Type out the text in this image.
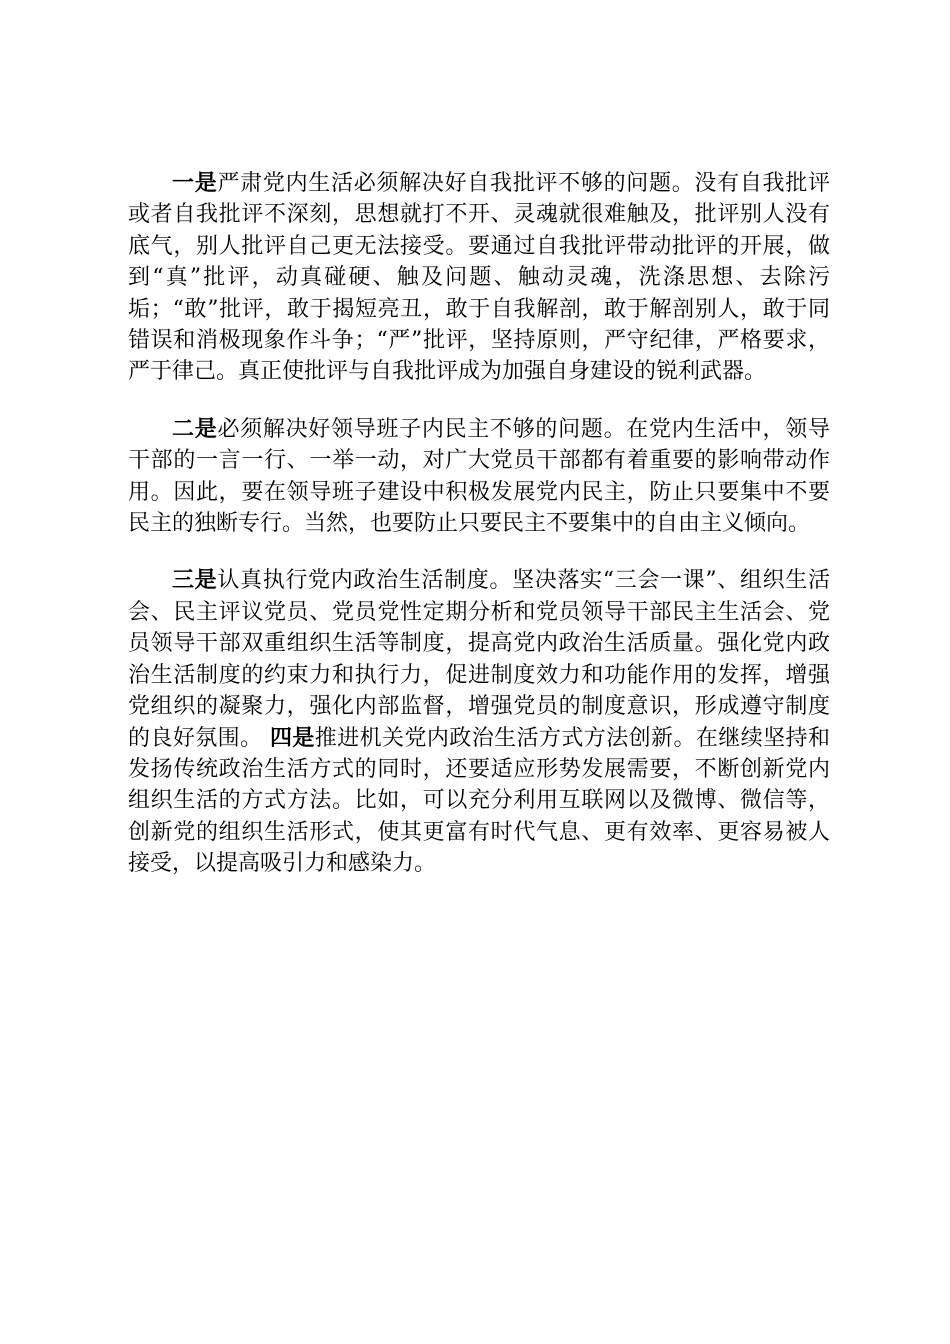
一是严肃党内生活必须解决好自我批评不够的问题。没有自我批评或者自我批评不深刻，思想就打不开、灵魂就很难触及，批评别人没有底气，别人批评自己更无法接受。要通过自我批评带动批评的开展，做到“真”批评，动真碰硬、触及问题、触动灵魂，洗涤思想、去除污垢；“敢”批评，敢于揭短亮丑，敢于自我解剖，敢于解剖别人，敢于同错误和消极现象作斗争；“严”批评，坚持原则，严守纪律，严格要求，严于律己。真正使批评与自我批评成为加强自身建设的锐利武器。

二是必须解决好领导班子内民主不够的问题。在党内生活中，领导干部的一言一行、一举一动，对广大党员干部都有着重要的影响带动作用。因此，要在领导班子建设中积极发展党内民主，防止只要集中不要民主的独断专行。当然，也要防止只要民主不要集中的自由主义倾向。

三是认真执行党内政治生活制度。坚决落实“三会一课”、组织生活会、民主评议党员、党员党性定期分析和党员领导干部民主生活会、党员领导干部双重组织生活等制度，提高党内政治生活质量。强化党内政治生活制度的约束力和执行力，促进制度效力和功能作用的发挥，增强党组织的凝聚力，强化内部监督，增强党员的制度意识，形成遵守制度的良好氛围。 四是推进机关党内政治生活方式方法创新。在继续坚持和发扬传统政治生活方式的同时，还要适应形势发展需要，不断创新党内组织生活的方式方法。比如，可以充分利用互联网以及微博、微信等，创新党的组织生活形式，使其更富有时代气息、更有效率、更容易被人接受，以提高吸引力和感染力。
